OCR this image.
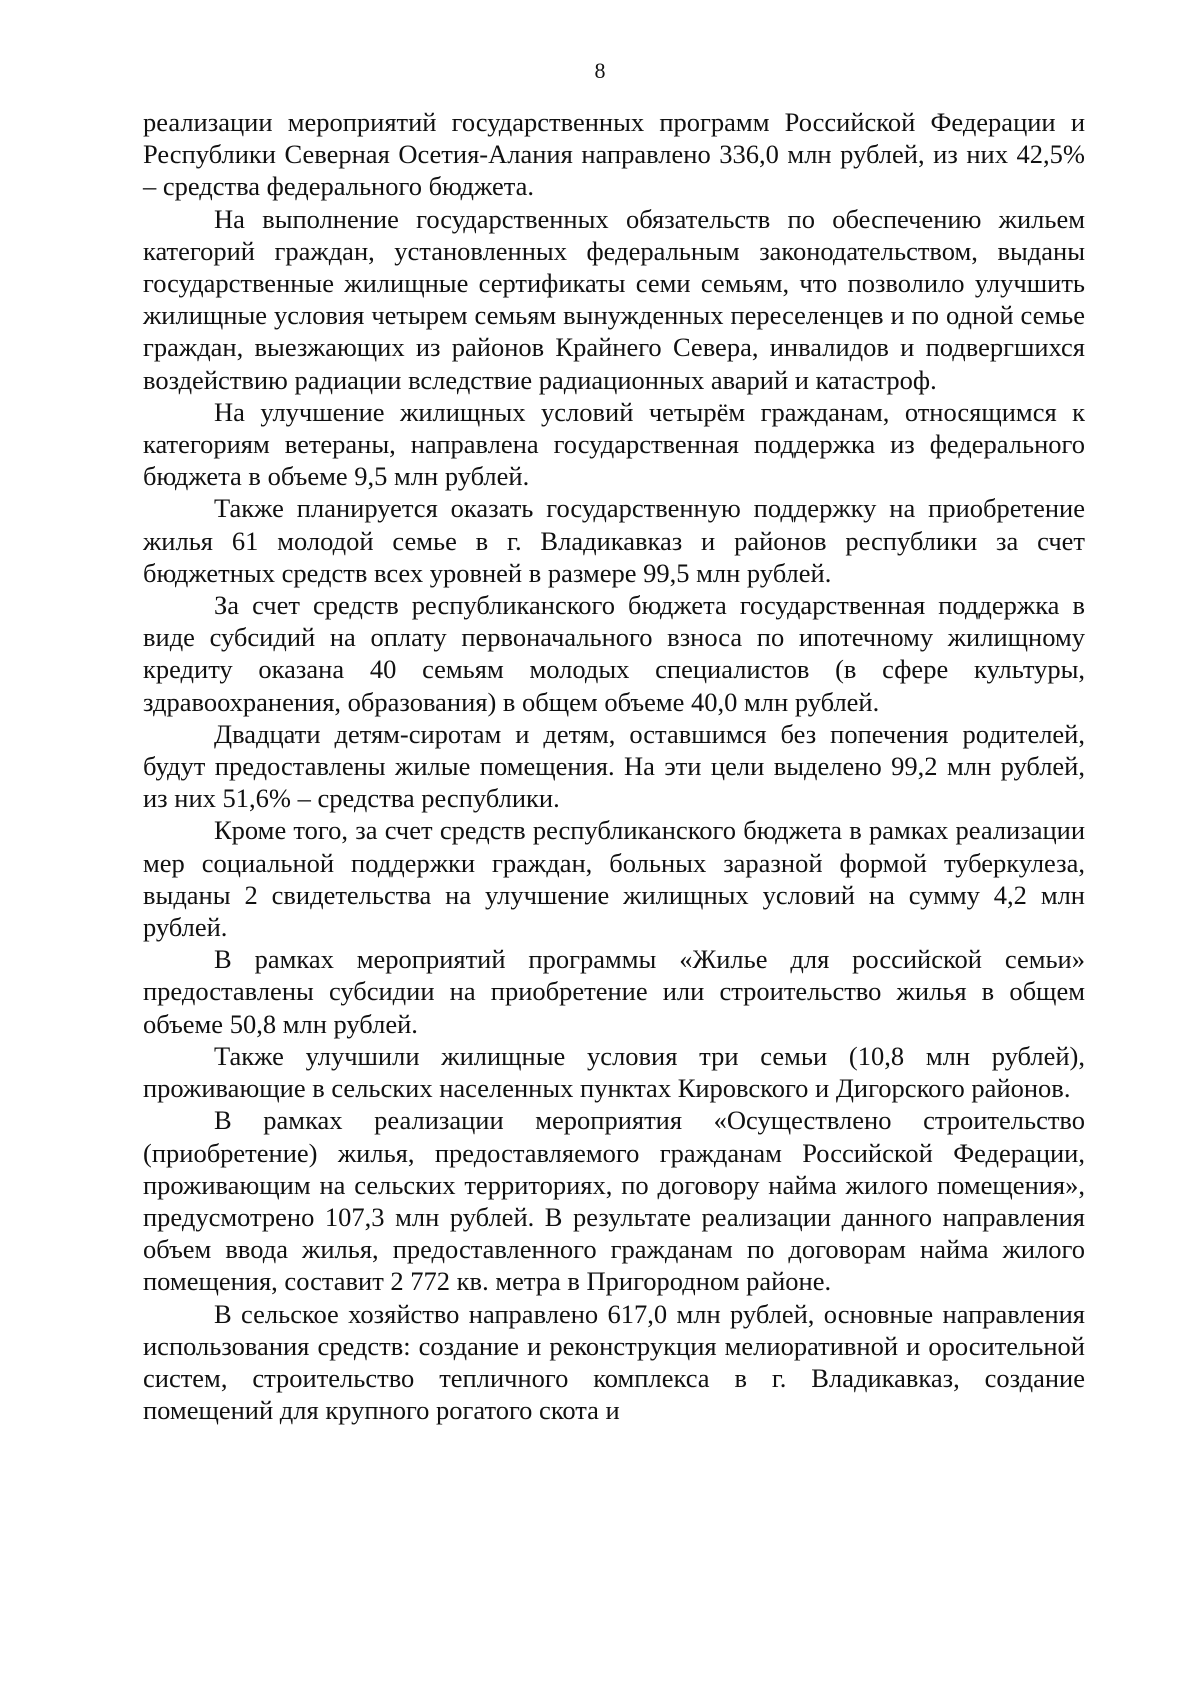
8

реализации мероприятий государственных программ Российской Федерации и Республики Северная Осетия-Алания направлено 336,0 млн рублей, из них 42,5% – средства федерального бюджета.

На выполнение государственных обязательств по обеспечению жильем категорий граждан, установленных федеральным законодательством, выданы государственные жилищные сертификаты семи семьям, что позволило улучшить жилищные условия четырем семьям вынужденных переселенцев и по одной семье граждан, выезжающих из районов Крайнего Севера, инвалидов и подвергшихся воздействию радиации вследствие радиационных аварий и катастроф.

На улучшение жилищных условий четырём гражданам, относящимся к категориям ветераны, направлена государственная поддержка из федерального бюджета в объеме 9,5 млн рублей.

Также планируется оказать государственную поддержку на приобретение жилья 61 молодой семье в г. Владикавказ и районов республики за счет бюджетных средств всех уровней в размере 99,5 млн рублей.

За счет средств республиканского бюджета государственная поддержка в виде субсидий на оплату первоначального взноса по ипотечному жилищному кредиту оказана 40 семьям молодых специалистов (в сфере культуры, здравоохранения, образования) в общем объеме 40,0 млн рублей.

Двадцати детям-сиротам и детям, оставшимся без попечения родителей, будут предоставлены жилые помещения. На эти цели выделено 99,2 млн рублей, из них 51,6% – средства республики.

Кроме того, за счет средств республиканского бюджета в рамках реализации мер социальной поддержки граждан, больных заразной формой туберкулеза, выданы 2 свидетельства на улучшение жилищных условий на сумму 4,2 млн рублей.

В рамках мероприятий программы «Жилье для российской семьи» предоставлены субсидии на приобретение или строительство жилья в общем объеме 50,8 млн рублей.

Также улучшили жилищные условия три семьи (10,8 млн рублей), проживающие в сельских населенных пунктах Кировского и Дигорского районов.

В рамках реализации мероприятия «Осуществлено строительство (приобретение) жилья, предоставляемого гражданам Российской Федерации, проживающим на сельских территориях, по договору найма жилого помещения», предусмотрено 107,3 млн рублей. В результате реализации данного направления объем ввода жилья, предоставленного гражданам по договорам найма жилого помещения, составит 2 772 кв. метра в Пригородном районе.

В сельское хозяйство направлено 617,0 млн рублей, основные направления использования средств: создание и реконструкция мелиоративной и оросительной систем, строительство тепличного комплекса в г. Владикавказ, создание помещений для крупного рогатого скота и
